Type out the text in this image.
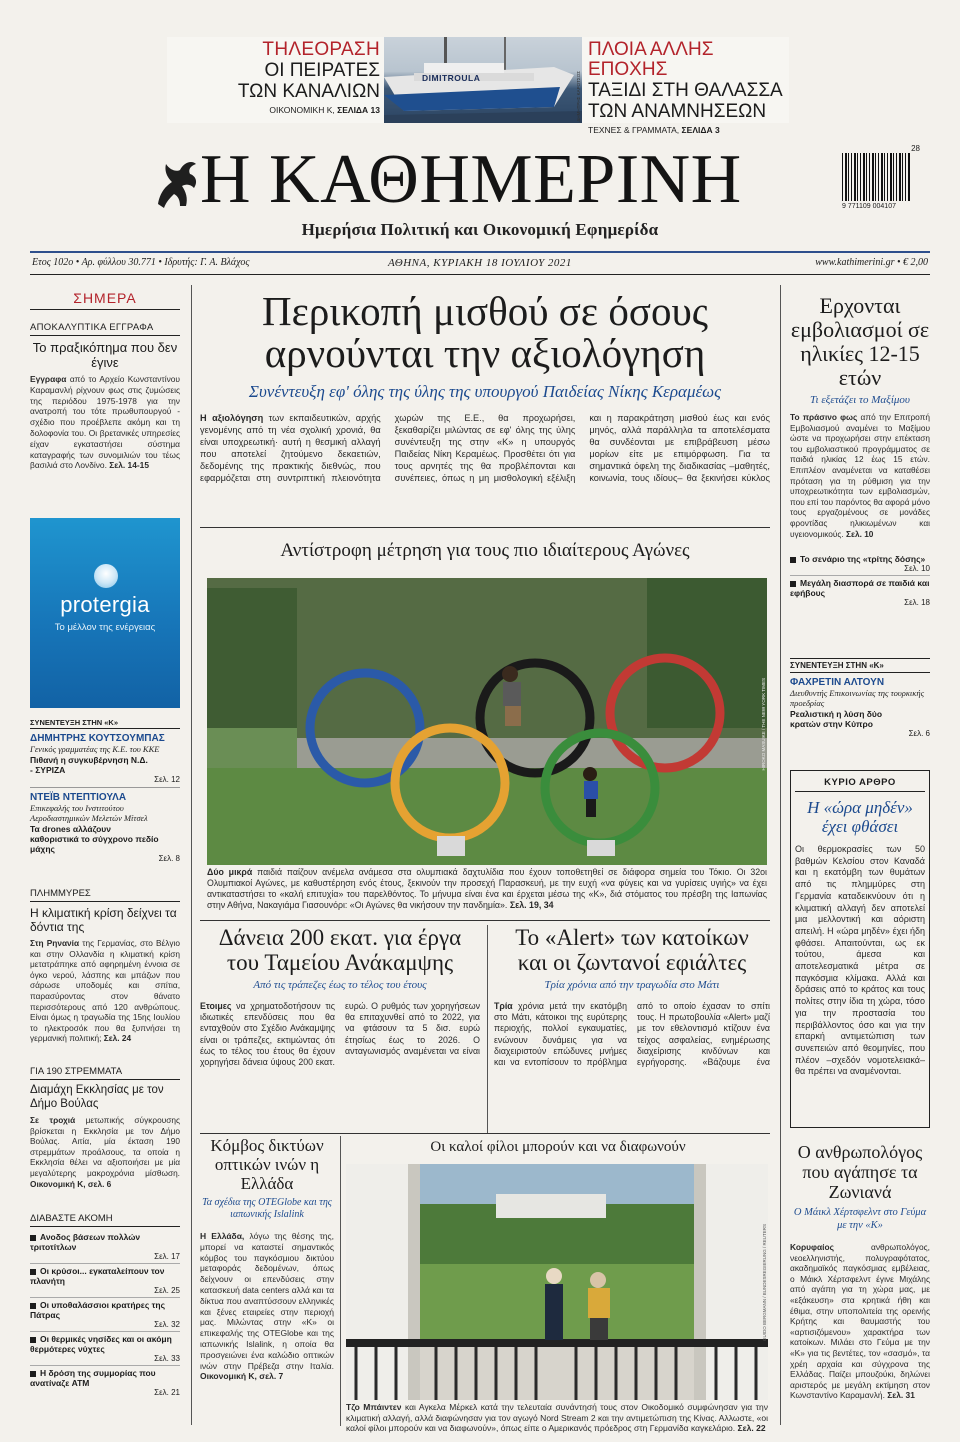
ΤΗΛΕΟΡΑΣΗ
ΟΙ ΠΕΙΡΑΤΕΣ
ΤΩΝ ΚΑΝΑΛΙΩΝ
ΟΙΚΟΝΟΜΙΚΗ Κ, ΣΕΛΙΔΑ 13
DIMITROULA	ΔΗΜΗΤΡΗΣ ΚΑΡΟΤΣΟΣ
ΠΛΟΙΑ ΑΛΛΗΣ ΕΠΟΧΗΣ
ΤΑΞΙΔΙ ΣΤΗ ΘΑΛΑΣΣΑ
ΤΩΝ ΑΝΑΜΝΗΣΕΩΝ
ΤΕΧΝΕΣ & ΓΡΑΜΜΑΤΑ, ΣΕΛΙΔΑ 3
Η ΚΑΘΗΜΕΡΙΝΗ	28
9 771109 004107
Ημερήσια Πολιτική και Οικονομική Εφημερίδα
Ετος 102ο • Αρ. φύλλου 30.771 • Ιδρυτής: Γ. Α. Βλάχος	ΑΘΗΝΑ, ΚΥΡΙΑΚΗ 18 ΙΟΥΛΙΟΥ 2021	www.kathimerini.gr • € 2,00
ΣΗΜΕΡΑ
ΑΠΟΚΑΛΥΠΤΙΚΑ ΕΓΓΡΑΦΑ
Το πραξικόπημα που δεν έγινε
Εγγραφα από το Αρχείο Κωνσταντίνου Καραμανλή ρίχνουν φως στις ζυμώσεις της περιόδου 1975-1978 για την ανατροπή του τότε πρωθυπουργού - σχέδιο που προέβλεπε ακόμη και τη δολοφονία του. Οι βρετανικές υπηρεσίες είχαν εγκαταστήσει σύστημα καταγραφής των συνομιλιών του τέως βασιλιά στο Λονδίνο. Σελ. 14-15
protergia
Το μέλλον της ενέργειας
ΣΥΝΕΝΤΕΥΞΗ ΣΤΗΝ «Κ»
ΔΗΜΗΤΡΗΣ ΚΟΥΤΣΟΥΜΠΑΣ
Γενικός γραμματέας της Κ.Ε. του ΚΚΕ
Πιθανή η συγκυβέρνηση Ν.Δ. - ΣΥΡΙΖΑ
Σελ. 12
ΝΤΕΪΒ ΝΤΕΠΤΙΟΥΛΑ
Επικεφαλής του Ινστιτούτου Αεροδιαστημικών Μελετών Μίτσελ
Τα drones αλλάζουν καθοριστικά το σύγχρονο πεδίο μάχης
Σελ. 8
ΠΛΗΜΜΥΡΕΣ
Η κλιματική κρίση δείχνει τα δόντια της
Στη Ρηνανία της Γερμανίας, στο Βέλγιο και στην Ολλανδία η κλιματική κρίση μετατράπηκε από αφηρημένη έννοια σε όγκο νερού, λάσπης και μπάζων που σάρωσε υποδομές και σπίτια, παρασύροντας στον θάνατο περισσότερους από 120 ανθρώπους. Είναι όμως η τραγωδία της 15ης Ιουλίου το ηλεκτροσόκ που θα ξυπνήσει τη γερμανική πολιτική; Σελ. 24
ΓΙΑ 190 ΣΤΡΕΜΜΑΤΑ
Διαμάχη Εκκλησίας με τον Δήμο Βούλας
Σε τροχιά μετωπικής σύγκρουσης βρίσκεται η Εκκλησία με τον Δήμο Βούλας. Αιτία, μία έκταση 190 στρεμμάτων προάλσους, τα οποία η Εκκλησία θέλει να αξιοποιήσει με μία μεγαλύτερης μακροχρόνια μίσθωση. Οικονομική Κ, σελ. 6
ΔΙΑΒΑΣΤΕ ΑΚΟΜΗ
Ανοδος βάσεων πολλών τριτοτίτλων
Σελ. 17
Οι κρύσοι... εγκαταλείπουν τον πλανήτη
Σελ. 25
Οι υποθαλάσσιοι κρατήρες της Πάτρας
Σελ. 32
Οι θερμικές νησίδες και οι ακόμη θερμότερες νύχτες
Σελ. 33
Η δρόση της συμμορίας που ανατίναζε ATM
Σελ. 21
Περικοπή μισθού σε όσους
αρνούνται την αξιολόγηση
Συνέντευξη εφ' όλης της ύλης της υπουργού Παιδείας Νίκης Κεραμέως
Η αξιολόγηση των εκπαιδευτικών, αρχής γενομένης από τη νέα σχολική χρονιά, θα είναι υποχρεωτική· αυτή η θεσμική αλλαγή που αποτελεί ζητούμενο δεκαετιών, δεδομένης της πρακτικής διεθνώς, που εφαρμόζεται στη συντριπτική πλειονότητα χωρών της Ε.Ε., θα προχωρήσει, ξεκαθαρίζει μιλώντας σε εφ' όλης της ύλης συνέντευξη της στην «Κ» η υπουργός Παιδείας Νίκη Κεραμέως. Προσθέτει ότι για τους αρνητές της θα προβλέπονται και συνέπειες, όπως η μη μισθολογική εξέλιξη και η παρακράτηση μισθού έως και ενός μηνός, αλλά παράλληλα τα αποτελέσματα θα συνδέονται με επιβράβευση μέσω μορίων είτε με επιμόρφωση. Για τα σημαντικά όφελη της διαδικασίας –μαθητές, κοινωνία, τους ιδίους– θα ξεκινήσει κύκλος
Ερχονται εμβολιασμοί σε ηλικίες 12-15 ετών
Τι εξετάζει το Μαξίμου
Το πράσινο φως από την Επιτροπή Εμβολιασμού αναμένει το Μαξίμου ώστε να προχωρήσει στην επέκταση του εμβολιαστικού προγράμματος σε παιδιά ηλικίας 12 έως 15 ετών. Επιπλέον αναμένεται να καταθέσει πρόταση για τη ρύθμιση για την υποχρεωτικότητα των εμβολιασμών, που επί του παρόντος θα αφορά μόνο τους εργαζομένους σε μονάδες φροντίδας ηλικιωμένων και υγειονομικούς. Σελ. 10
Το σενάριο της «τρίτης δόσης»
Σελ. 10
Μεγάλη διασπορά σε παιδιά και εφήβους
Σελ. 18
ΣΥΝΕΝΤΕΥΞΗ ΣΤΗΝ «Κ»
ΦΑΧΡΕΤΙΝ ΑΛΤΟΥΝ
Διευθυντής Επικοινωνίας της τουρκικής προεδρίας
Ρεαλιστική η λύση δύο κρατών στην Κύπρο
Σελ. 6
ΚΥΡΙΟ ΑΡΘΡΟ
Η «ώρα μηδέν» έχει φθάσει
Οι θερμοκρασίες των 50 βαθμών Κελσίου στον Καναδά και η εκατόμβη των θυμάτων από τις πλημμύρες στη Γερμανία καταδεικνύουν ότι η κλιματική αλλαγή δεν αποτελεί μια μελλοντική και αόριστη απειλή. Η «ώρα μηδέν» έχει ήδη φθάσει. Απαιτούνται, ως εκ τούτου, άμεσα και αποτελεσματικά μέτρα σε παγκόσμια κλίμακα. Αλλά και δράσεις από το κράτος και τους πολίτες στην ίδια τη χώρα, τόσο για την προστασία του περιβάλλοντος όσο και για την επαρκή αντιμετώπιση των συνεπειών από θεομηνίες, που πλέον –σχεδόν νομοτελειακά– θα πρέπει να αναμένονται.
Αντίστροφη μέτρηση για τους πιο ιδιαίτερους Αγώνες
HIROKO MASUIKE / THE NEW YORK TIMES
Δύο μικρά παιδιά παίζουν ανέμελα ανάμεσα στα ολυμπιακά δαχτυλίδια που έχουν τοποθετηθεί σε διάφορα σημεία του Τόκιο. Οι 32οι Ολυμπιακοί Αγώνες, με καθυστέρηση ενός έτους, ξεκινούν την προσεχή Παρασκευή, με την ευχή «να φύγεις και να γυρίσεις υγιής» να έχει αντικαταστήσει το «καλή επιτυχία» του παρελθόντος. Το μήνυμα είναι ένα και έρχεται μέσω της «Κ», διά στόματος του πρέσβη της Ιαπωνίας στην Αθήνα, Νακαγιάμα Γιασουνόρι: «Οι Αγώνες θα νικήσουν την πανδημία». Σελ. 19, 34
Δάνεια 200 εκατ. για έργα
του Ταμείου Ανάκαμψης
Από τις τράπεζες έως το τέλος του έτους
Ετοιμες να χρηματοδοτήσουν τις ιδιωτικές επενδύσεις που θα ενταχθούν στο Σχέδιο Ανάκαμψης είναι οι τράπεζες, εκτιμώντας ότι έως το τέλος του έτους θα έχουν χορηγήσει δάνεια ύψους 200 εκατ. ευρώ. Ο ρυθμός των χορηγήσεων θα επιταχυνθεί από το 2022, για να φτάσουν τα 5 δισ. ευρώ έτησίως έως το 2026. Ο ανταγωνισμός αναμένεται να είναι
Το «Alert» των κατοίκων
και οι ζωντανοί εφιάλτες
Τρία χρόνια από την τραγωδία στο Μάτι
Τρία χρόνια μετά την εκατόμβη στο Μάτι, κάτοικοι της ευρύτερης περιοχής, πολλοί εγκαυματίες, ενώνουν δυνάμεις για να διαχειριστούν επώδυνες μνήμες και να εντοπίσουν το πρόβλημα από το οποίο έχασαν το σπίτι τους. Η πρωτοβουλία «Alert» μαζί με τον εθελοντισμό κτίζουν ένα τείχος ασφαλείας, ενημέρωσης διαχείρισης κινδύνων και εγρήγορσης. «Βάζουμε ένα
Κόμβος δικτύων οπτικών ινών η Ελλάδα
Τα σχέδια της OTEGlobe και της ιαπωνικής Islalink
Η Ελλάδα, λόγω της θέσης της, μπορεί να καταστεί σημαντικός κόμβος του παγκόσμιου δικτύου μεταφοράς δεδομένων, όπως δείχνουν οι επενδύσεις στην κατασκευή data centers αλλά και τα δίκτυα που αναπτύσσουν ελληνικές και ξένες εταιρείες στην περιοχή μας. Μιλώντας στην «Κ» οι επικεφαλής της OTEGlobe και της ιαπωνικής Islalink, η οποία θα προσγειώνει ένα καλώδιο οπτικών ινών στην Πρέβεζα στην Ιταλία. Οικονομική Κ, σελ. 7
Οι καλοί φίλοι μπορούν και να διαφωνούν
GUIDO BERGMANN / BUNDESREGIERUNG / REUTERS
Τζο Μπάιντεν και Αγκελα Μέρκελ κατά την τελευταία συνάντησή τους στον Οικοδομικό συμφώνησαν για την κλιματική αλλαγή, αλλά διαφώνησαν για τον αγωγό Nord Stream 2 και την αντιμετώπιση της Κίνας. Αλλωστε, «οι καλοί φίλοι μπορούν και να διαφωνούν», όπως είπε ο Αμερικανός πρόεδρος στη Γερμανίδα καγκελάριο. Σελ. 22
Ο ανθρωπολόγος που αγάπησε τα Ζωνιανά
Ο Μάικλ Χέρτσφελντ στο Γεύμα με την «Κ»
Κορυφαίος ανθρωπολόγος, νεοελληνιστής, πολυγραφότατος, ακαδημαϊκός παγκόσμιας εμβέλειας, ο Μάικλ Χέρτσφελντ έγινε Μιχάλης από αγάπη για τη χώρα μας, με «εξάκευση» στα κρητικά ήθη και έθιμα, στην υποπολιτεία της ορεινής Κρήτης και θαυμαστής του «αρτισιζόμενου» χαρακτήρα των κατοίκων. Μιλάει στο Γεύμα με την «Κ» για τις βεντέτες, τον «σασμό», τα χρέη αρχαία και σύγχρονα της Ελλάδας. Παίζει μπουζούκι, δηλώνει αριστερός με μεγάλη εκτίμηση στον Κωνσταντίνο Καραμανλή. Σελ. 31
